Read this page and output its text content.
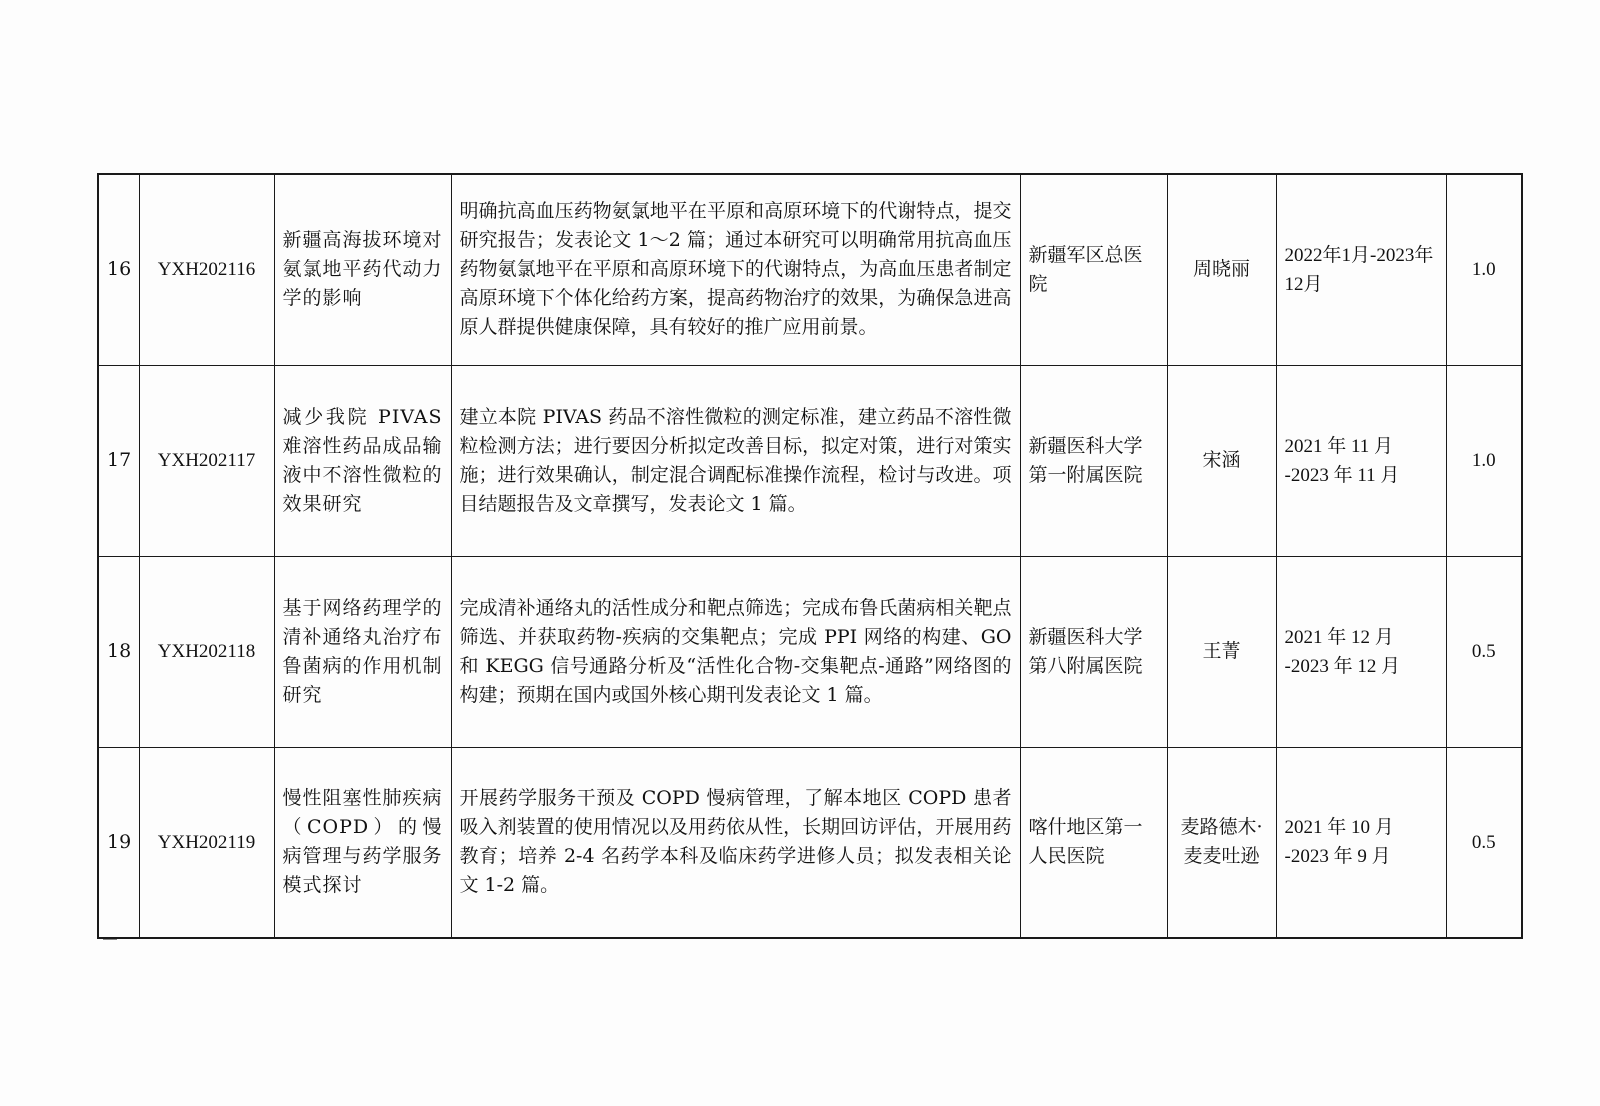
16	YXH202116	新疆高海拔环境对氨氯地平药代动力学的影响	明确抗高血压药物氨氯地平在平原和高原环境下的代谢特点，提交研究报告；发表论文 1～2 篇；通过本研究可以明确常用抗高血压药物氨氯地平在平原和高原环境下的代谢特点，为高血压患者制定高原环境下个体化给药方案，提高药物治疗的效果，为确保急进高原人群提供健康保障，具有较好的推广应用前景。	新疆军区总医院	周晓丽	2022年1月-2023年12月	1.0
17	YXH202117	减少我院 PIVAS 难溶性药品成品输液中不溶性微粒的效果研究	建立本院 PIVAS 药品不溶性微粒的测定标准，建立药品不溶性微粒检测方法；进行要因分析拟定改善目标，拟定对策，进行对策实施；进行效果确认，制定混合调配标准操作流程，检讨与改进。项目结题报告及文章撰写，发表论文 1 篇。	新疆医科大学第一附属医院	宋涵	2021 年 11 月 -2023 年 11 月	1.0
18	YXH202118	基于网络药理学的清补通络丸治疗布鲁菌病的作用机制研究	完成清补通络丸的活性成分和靶点筛选；完成布鲁氏菌病相关靶点筛选、并获取药物-疾病的交集靶点；完成 PPI 网络的构建、GO 和 KEGG 信号通路分析及“活性化合物-交集靶点-通路”网络图的构建；预期在国内或国外核心期刊发表论文 1 篇。	新疆医科大学第八附属医院	王菁	2021 年 12 月 -2023 年 12 月	0.5
19	YXH202119	慢性阻塞性肺疾病（COPD）的慢病管理与药学服务模式探讨	开展药学服务干预及 COPD 慢病管理，了解本地区 COPD 患者吸入剂装置的使用情况以及用药依从性，长期回访评估，开展用药教育；培养 2-4 名药学本科及临床药学进修人员；拟发表相关论文 1-2 篇。	喀什地区第一人民医院	麦路德木·麦麦吐逊	2021 年 10 月 -2023 年 9 月	0.5
